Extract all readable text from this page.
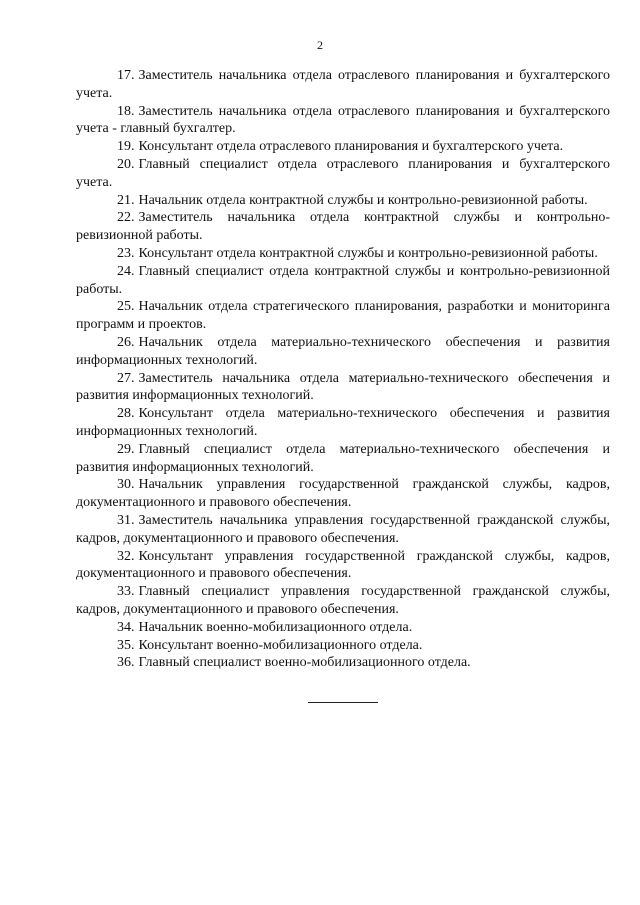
2

17. Заместитель начальника отдела отраслевого планирования и бухгалтерского учета.

18. Заместитель начальника отдела отраслевого планирования и бухгалтерского учета - главный бухгалтер.

19. Консультант отдела отраслевого планирования и бухгалтерского учета.

20. Главный специалист отдела отраслевого планирования и бухгалтерского учета.

21. Начальник отдела контрактной службы и контрольно-ревизионной работы.

22. Заместитель начальника отдела контрактной службы и контрольно-ревизионной работы.

23. Консультант отдела контрактной службы и контрольно-ревизионной работы.

24. Главный специалист отдела контрактной службы и контрольно-ревизионной работы.

25. Начальник отдела стратегического планирования, разработки и мониторинга программ и проектов.

26. Начальник отдела материально-технического обеспечения и развития информационных технологий.

27. Заместитель начальника отдела материально-технического обеспечения и развития информационных технологий.

28. Консультант отдела материально-технического обеспечения и развития информационных технологий.

29. Главный специалист отдела материально-технического обеспечения и развития информационных технологий.

30. Начальник управления государственной гражданской службы, кадров, документационного и правового обеспечения.

31. Заместитель начальника управления государственной гражданской службы, кадров, документационного и правового обеспечения.

32. Консультант управления государственной гражданской службы, кадров, документационного и правового обеспечения.

33. Главный специалист управления государственной гражданской службы, кадров, документационного и правового обеспечения.

34. Начальник военно-мобилизационного отдела.

35. Консультант военно-мобилизационного отдела.

36. Главный специалист военно-мобилизационного отдела.
